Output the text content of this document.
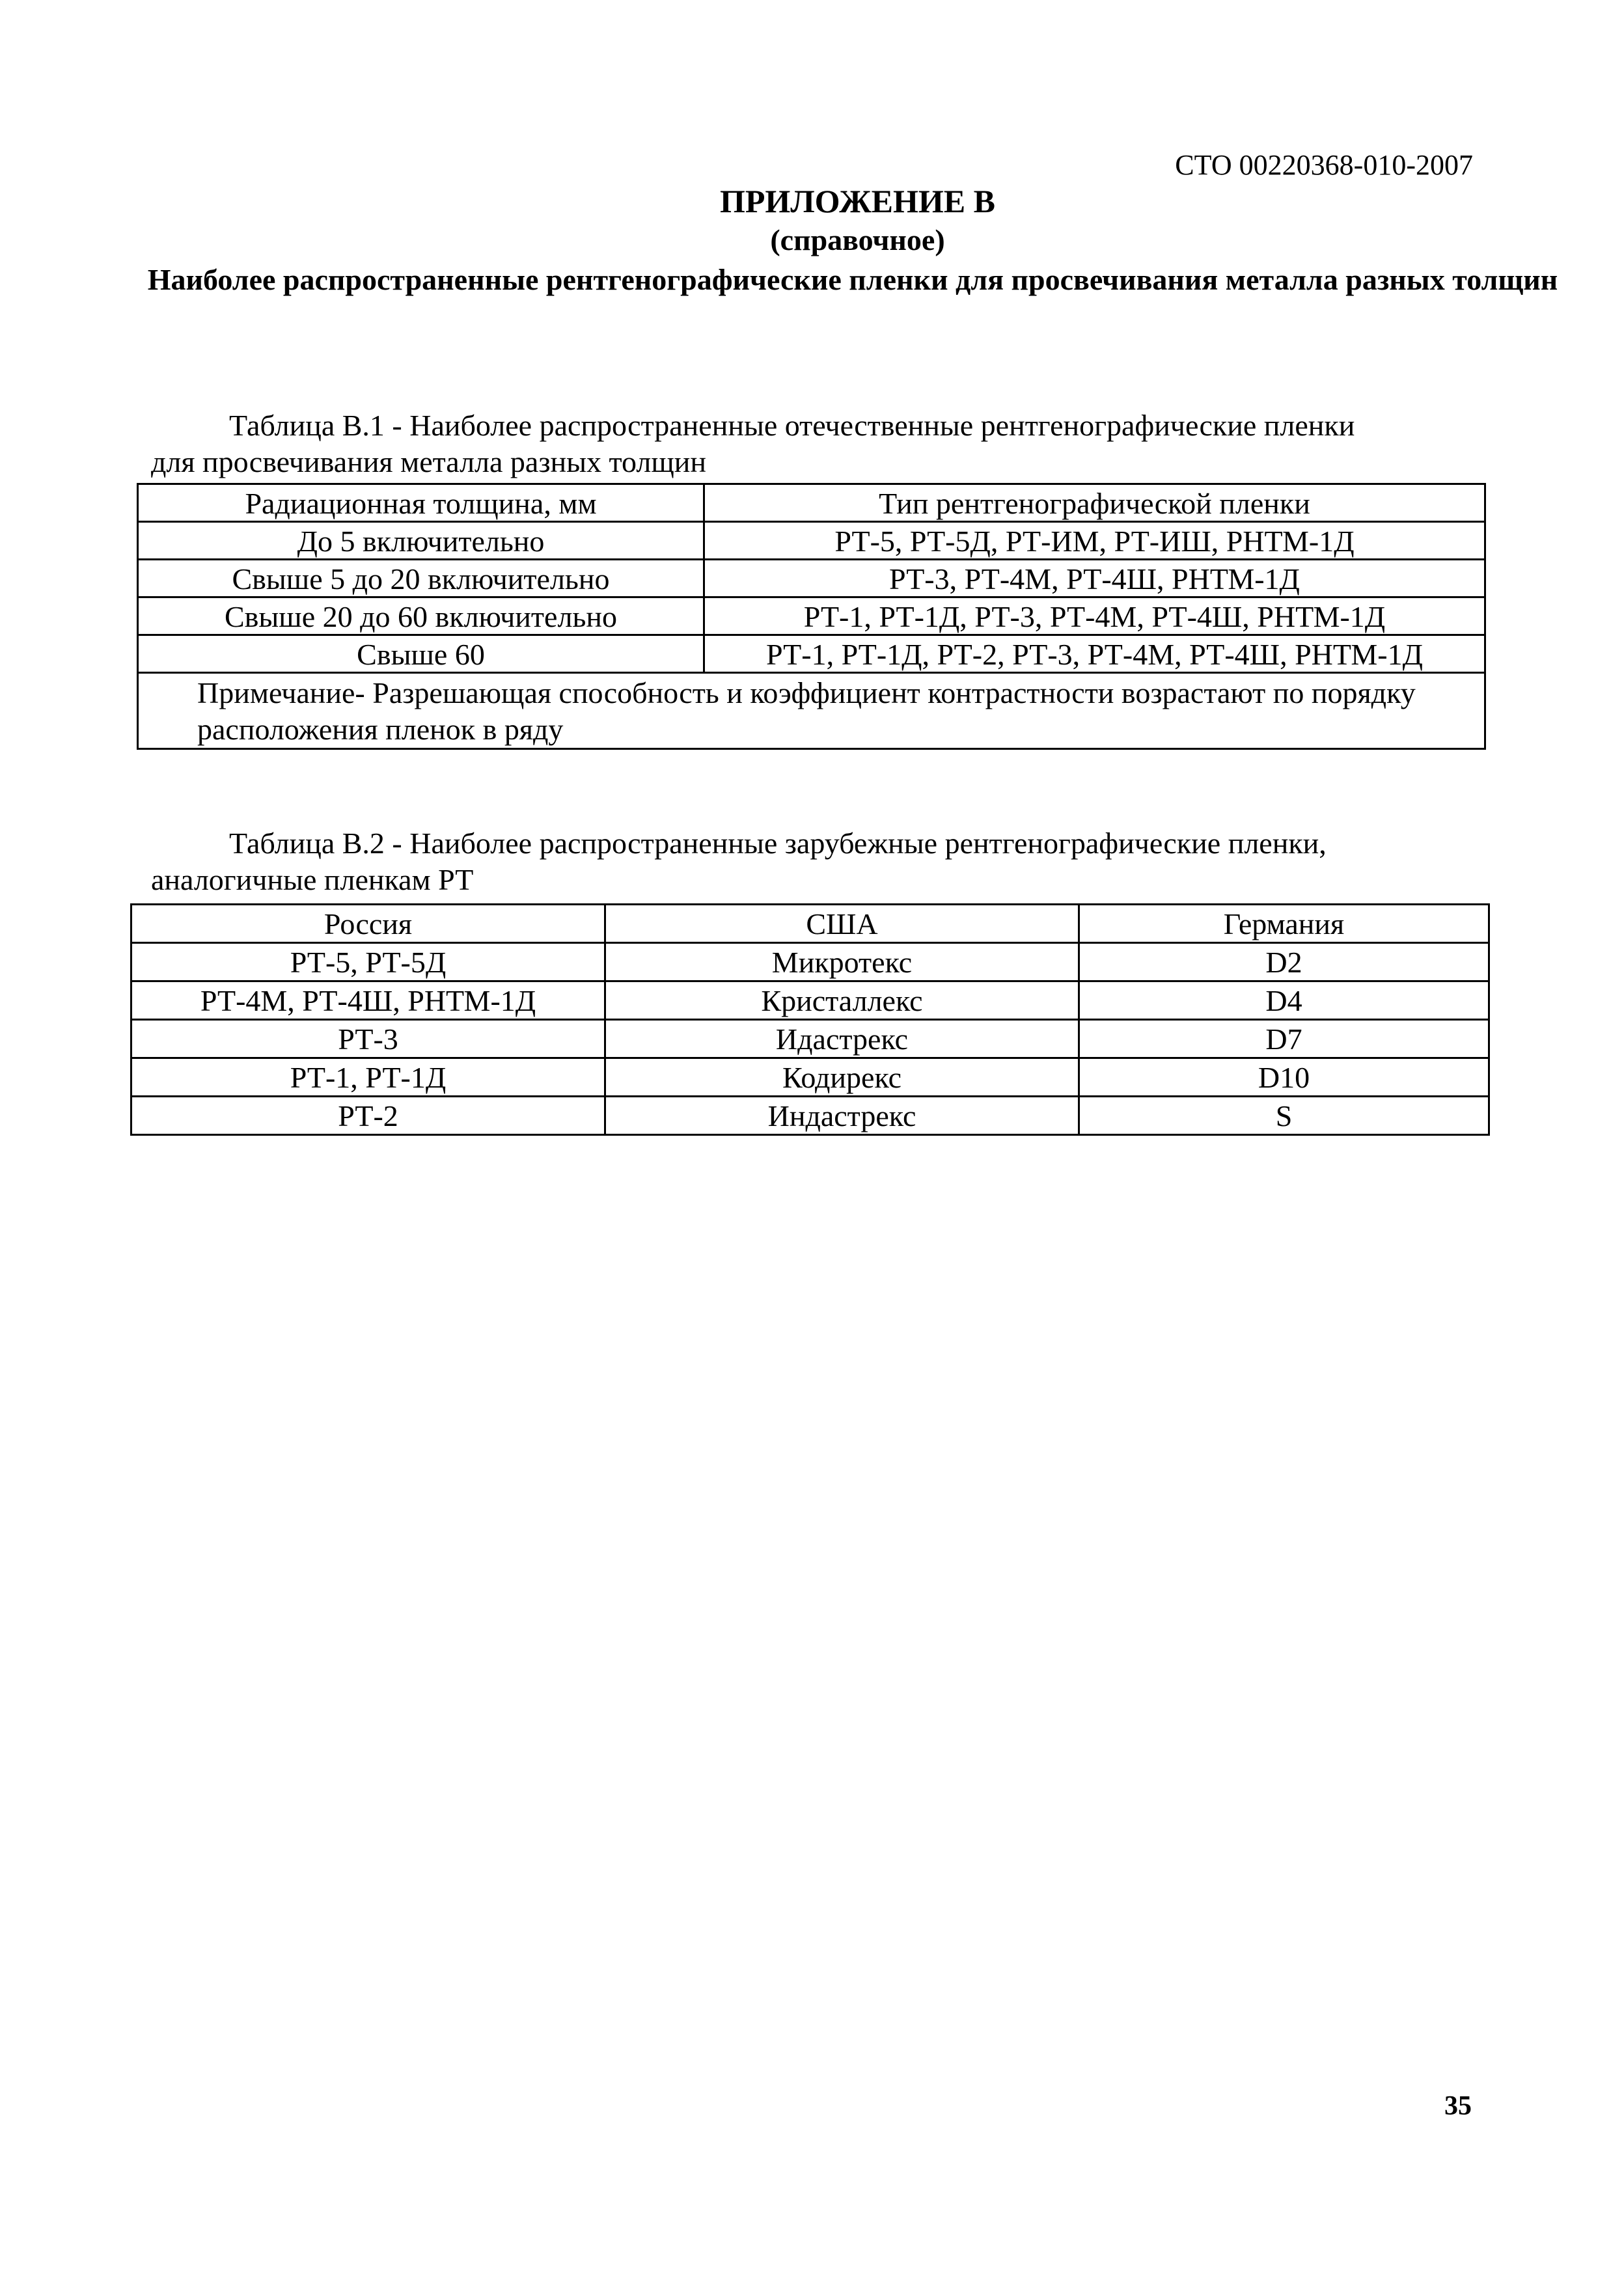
СТО 00220368-010-2007
ПРИЛОЖЕНИЕ В
(справочное)
Наиболее распространенные рентгенографические пленки для просвечивания металла разных толщин
Таблица В.1 - Наиболее распространенные отечественные рентгенографические пленки
для просвечивания металла разных толщин
Радиационная толщина, мм	Тип рентгенографической пленки
До 5 включительно	РТ-5, РТ-5Д, РТ-ИМ, РТ-ИШ, РНТМ-1Д
Свыше 5 до 20 включительно	РТ-3, РТ-4М, РТ-4Ш, РНТМ-1Д
Свыше 20 до 60 включительно	РТ-1, РТ-1Д, РТ-3, РТ-4М, РТ-4Ш, РНТМ-1Д
Свыше 60	РТ-1, РТ-1Д, РТ-2, РТ-3, РТ-4М, РТ-4Ш, РНТМ-1Д
Примечание- Разрешающая способность и коэффициент контрастности возрастают по порядку расположения пленок в ряду	
Таблица В.2 - Наиболее распространенные зарубежные рентгенографические пленки,
аналогичные пленкам РТ
Россия	США	Германия
РТ-5, РТ-5Д	Микротекс	D2
РТ-4М, РТ-4Ш, РНТМ-1Д	Кристаллекс	D4
РТ-3	Идастрекс	D7
РТ-1, РТ-1Д	Кодирекс	D10
РТ-2	Индастрекс	S
35
